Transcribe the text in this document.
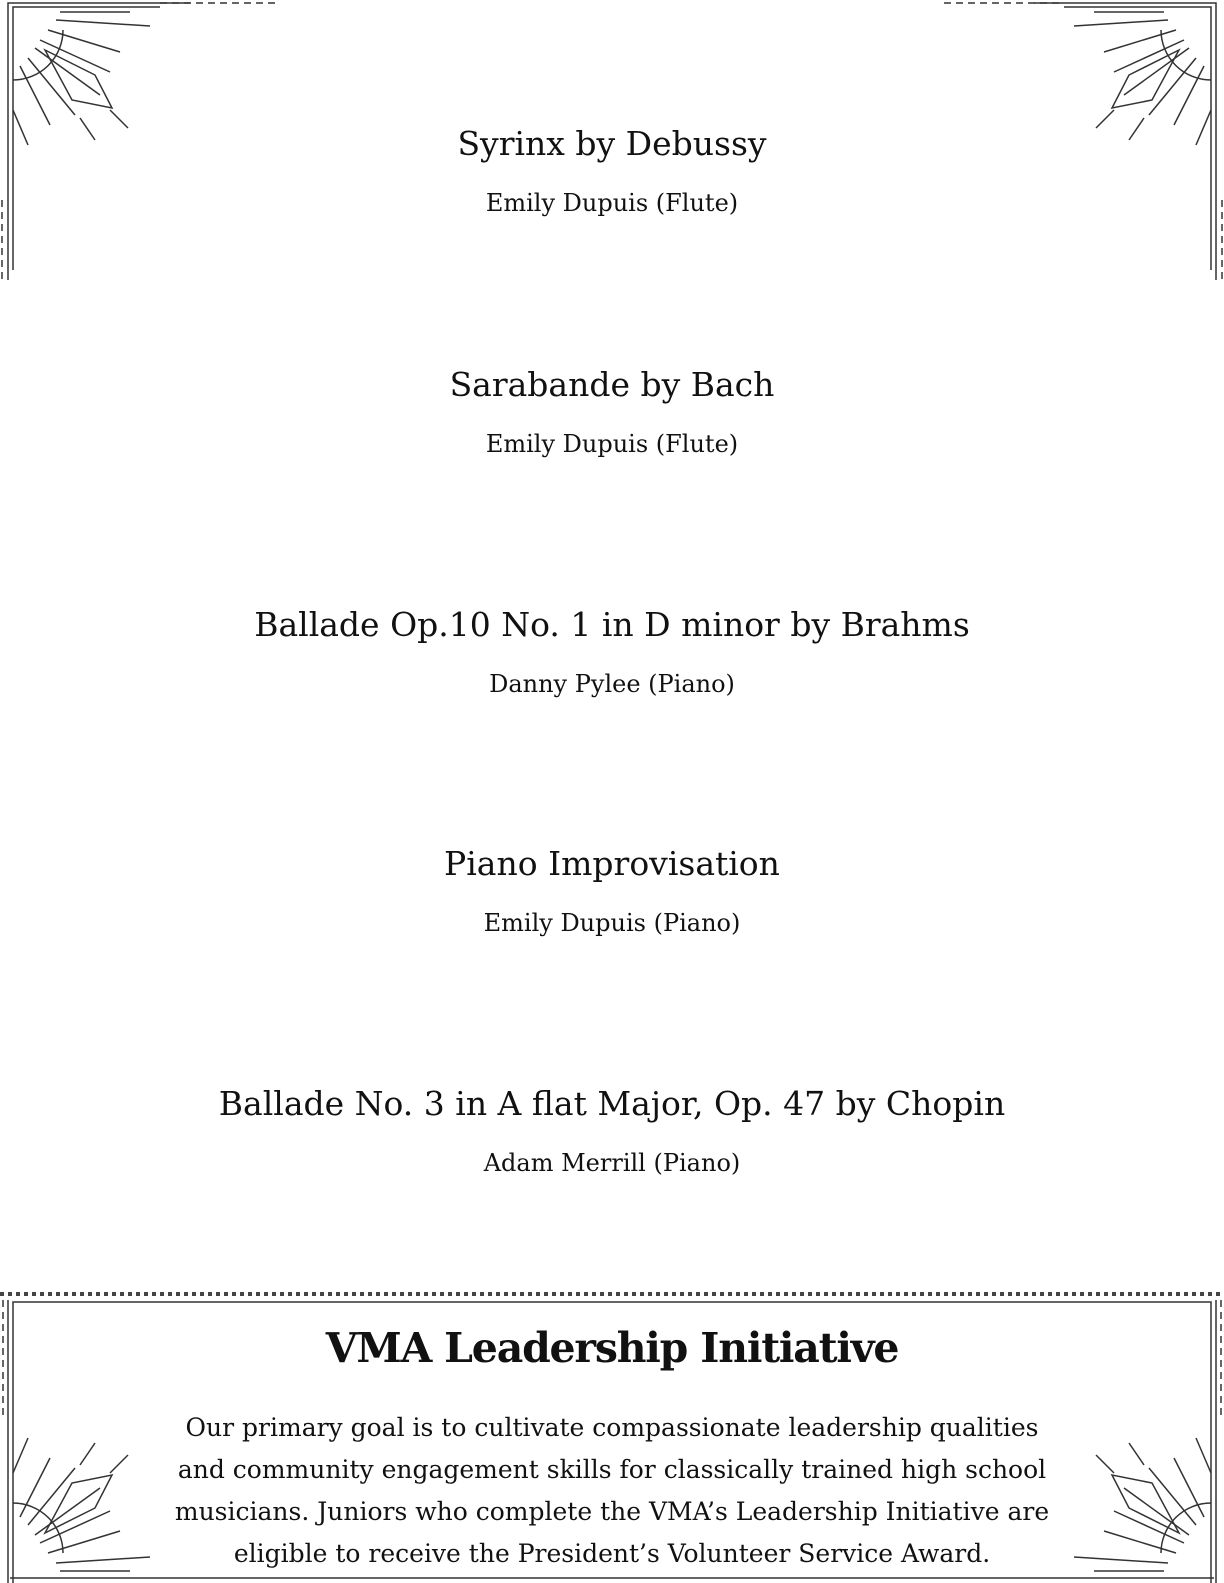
Syrinx by Debussy

Emily Dupuis (Flute)

Sarabande by Bach

Emily Dupuis (Flute)

Ballade Op.10 No. 1 in D minor by Brahms

Danny Pylee (Piano)

Piano Improvisation

Emily Dupuis (Piano)

Ballade No. 3 in A flat Major, Op. 47 by Chopin

Adam Merrill (Piano)

VMA Leadership Initiative

Our primary goal is to cultivate compassionate leadership qualities and community engagement skills for classically trained high school musicians. Juniors who complete the VMA’s Leadership Initiative are eligible to receive the President’s Volunteer Service Award.
